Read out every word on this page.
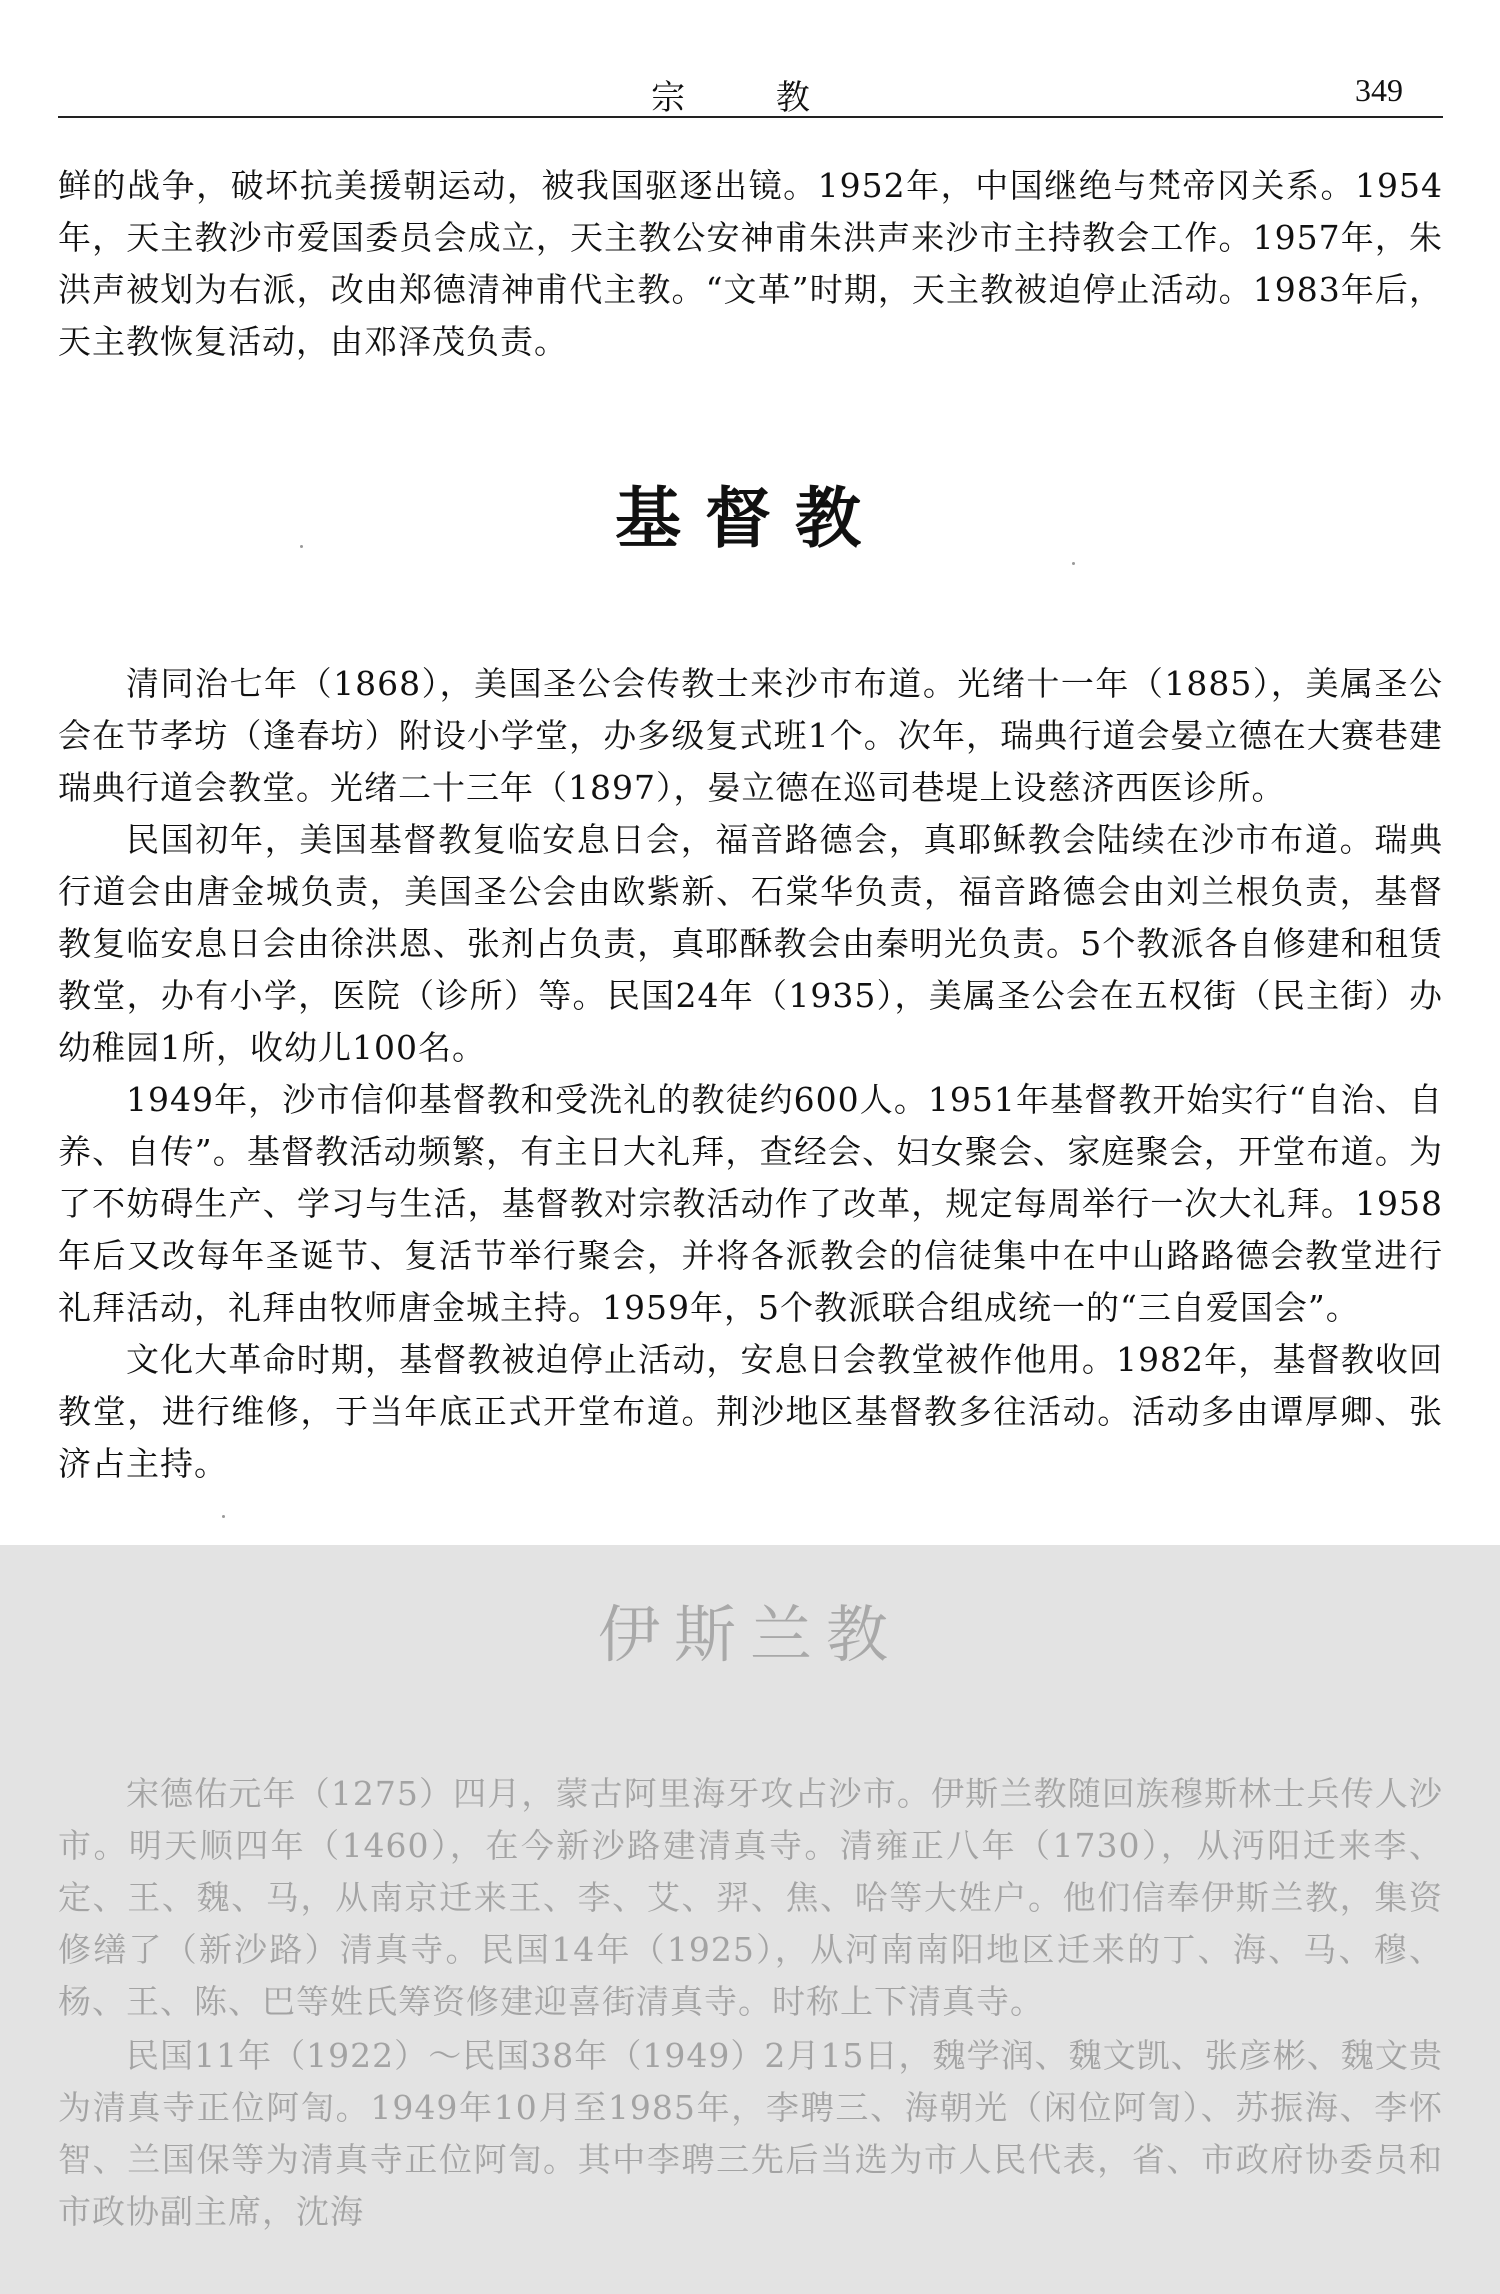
宗 教	349

鲜的战争，破坏抗美援朝运动，被我国驱逐出镜。1952年，中国继绝与梵帝冈关系。1954年，天主教沙市爱国委员会成立，天主教公安神甫朱洪声来沙市主持教会工作。1957年，朱洪声被划为右派，改由郑德清神甫代主教。“文革”时期，天主教被迫停止活动。1983年后，天主教恢复活动，由邓泽茂负责。

基督教

清同治七年（1868），美国圣公会传教士来沙市布道。光绪十一年（1885），美属圣公会在节孝坊（逢春坊）附设小学堂，办多级复式班1个。次年，瑞典行道会晏立德在大赛巷建瑞典行道会教堂。光绪二十三年（1897），晏立德在巡司巷堤上设慈济西医诊所。

民国初年，美国基督教复临安息日会，福音路德会，真耶稣教会陆续在沙市布道。瑞典行道会由唐金城负责，美国圣公会由欧紫新、石棠华负责，福音路德会由刘兰根负责，基督教复临安息日会由徐洪恩、张剂占负责，真耶酥教会由秦明光负责。5个教派各自修建和租赁教堂，办有小学，医院（诊所）等。民国24年（1935），美属圣公会在五权街（民主街）办幼稚园1所，收幼儿100名。

1949年，沙市信仰基督教和受洗礼的教徒约600人。1951年基督教开始实行“自治、自养、自传”。基督教活动频繁，有主日大礼拜，查经会、妇女聚会、家庭聚会，开堂布道。为了不妨碍生产、学习与生活，基督教对宗教活动作了改革，规定每周举行一次大礼拜。1958年后又改每年圣诞节、复活节举行聚会，并将各派教会的信徒集中在中山路路德会教堂进行礼拜活动，礼拜由牧师唐金城主持。1959年，5个教派联合组成统一的“三自爱国会”。

文化大革命时期，基督教被迫停止活动，安息日会教堂被作他用。1982年，基督教收回教堂，进行维修，于当年底正式开堂布道。荆沙地区基督教多往活动。活动多由谭厚卿、张济占主持。

伊斯兰教

宋德佑元年（1275）四月，蒙古阿里海牙攻占沙市。伊斯兰教随回族穆斯林士兵传人沙市。明天顺四年（1460），在今新沙路建清真寺。清雍正八年（1730），从沔阳迁来李、定、王、魏、马，从南京迁来王、李、艾、羿、焦、哈等大姓户。他们信奉伊斯兰教，集资修缮了（新沙路）清真寺。民国14年（1925），从河南南阳地区迁来的丁、海、马、穆、杨、王、陈、巴等姓氏筹资修建迎喜街清真寺。时称上下清真寺。

民国11年（1922）～民国38年（1949）2月15日，魏学润、魏文凯、张彦彬、魏文贵为清真寺正位阿訇。1949年10月至1985年，李聘三、海朝光（闲位阿訇）、苏振海、李怀智、兰国保等为清真寺正位阿訇。其中李聘三先后当选为市人民代表，省、市政府协委员和市政协副主席，沈海
